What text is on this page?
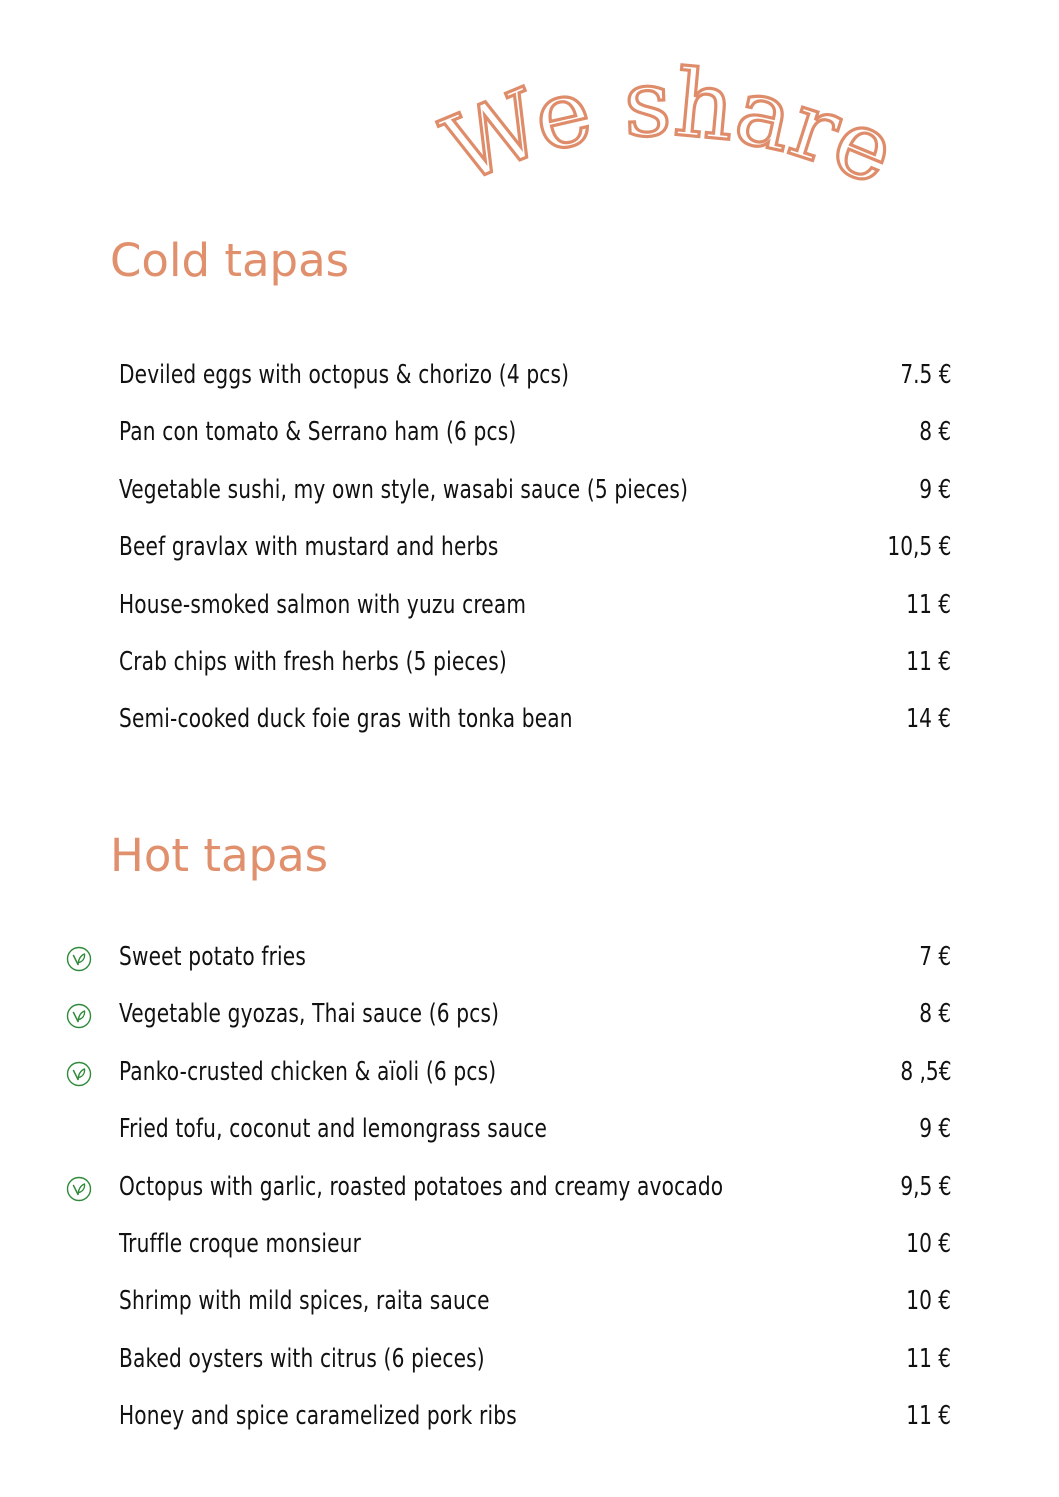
We share
Cold tapas
Deviled eggs with octopus & chorizo (4 pcs)	7.5 €
Pan con tomato & Serrano ham (6 pcs)	8 €
Vegetable sushi, my own style, wasabi sauce (5 pieces)	9 €
Beef gravlax with mustard and herbs	10,5 €
House-smoked salmon with yuzu cream	11 €
Crab chips with fresh herbs (5 pieces)	11 €
Semi-cooked duck foie gras with tonka bean	14 €
Hot tapas
Sweet potato fries	7 €
Vegetable gyozas, Thai sauce (6 pcs)	8 €
Panko-crusted chicken & aïoli (6 pcs)	8 ,5€
Fried tofu, coconut and lemongrass sauce	9 €
Octopus with garlic, roasted potatoes and creamy avocado	9,5 €
Truffle croque monsieur	10 €
Shrimp with mild spices, raita sauce	10 €
Baked oysters with citrus (6 pieces)	11 €
Honey and spice caramelized pork ribs	11 €
